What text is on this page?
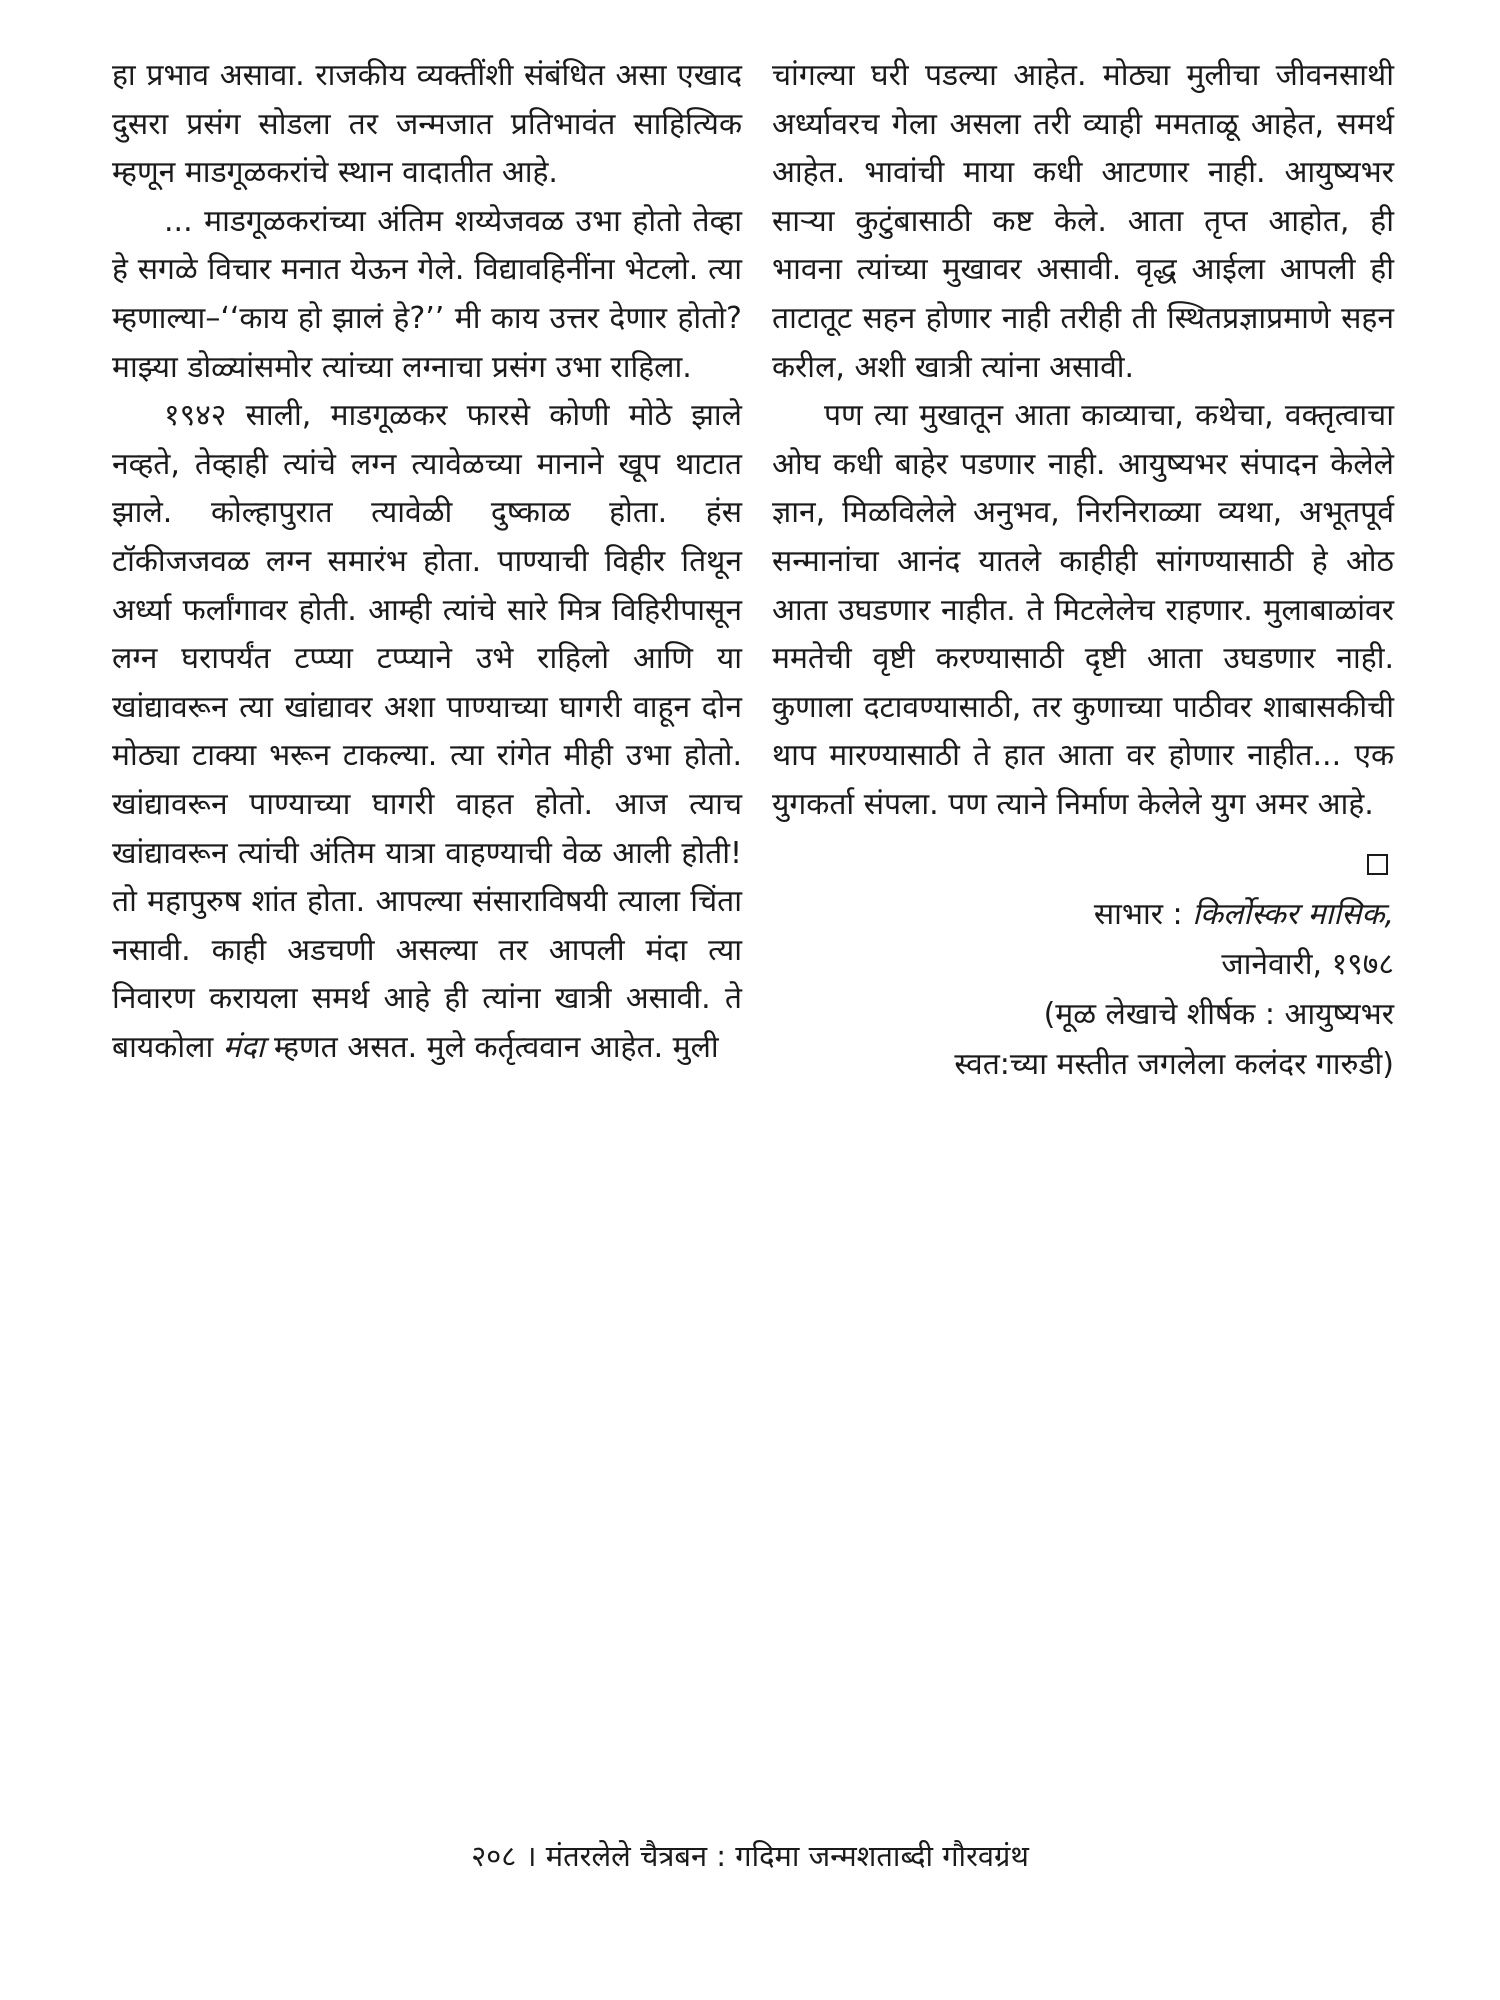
हा प्रभाव असावा. राजकीय व्यक्तींशी संबंधित असा एखाद दुसरा प्रसंग सोडला तर जन्मजात प्रतिभावंत साहित्यिक म्हणून माडगूळकरांचे स्थान वादातीत आहे.

... माडगूळकरांच्या अंतिम शय्येजवळ उभा होतो तेव्हा हे सगळे विचार मनात येऊन गेले. विद्यावहिनींना भेटलो. त्या म्हणाल्या–‘‘काय हो झालं हे?’’ मी काय उत्तर देणार होतो? माझ्या डोळ्यांसमोर त्यांच्या लग्नाचा प्रसंग उभा राहिला.

१९४२ साली, माडगूळकर फारसे कोणी मोठे झाले नव्हते, तेव्हाही त्यांचे लग्न त्यावेळच्या मानाने खूप थाटात झाले. कोल्हापुरात त्यावेळी दुष्काळ होता. हंस टॉकीजजवळ लग्न समारंभ होता. पाण्याची विहीर तिथून अर्ध्या फर्लांगावर होती. आम्ही त्यांचे सारे मित्र विहिरीपासून लग्न घरापर्यंत टप्प्या टप्प्याने उभे राहिलो आणि या खांद्यावरून त्या खांद्यावर अशा पाण्याच्या घागरी वाहून दोन मोठ्या टाक्या भरून टाकल्या. त्या रांगेत मीही उभा होतो. खांद्यावरून पाण्याच्या घागरी वाहत होतो. आज त्याच खांद्यावरून त्यांची अंतिम यात्रा वाहण्याची वेळ आली होती! तो महापुरुष शांत होता. आपल्या संसाराविषयी त्याला चिंता नसावी. काही अडचणी असल्या तर आपली मंदा त्या निवारण करायला समर्थ आहे ही त्यांना खात्री असावी. ते बायकोला मंदा म्हणत असत. मुले कर्तृत्ववान आहेत. मुली

चांगल्या घरी पडल्या आहेत. मोठ्या मुलीचा जीवनसाथी अर्ध्यावरच गेला असला तरी व्याही ममताळू आहेत, समर्थ आहेत. भावांची माया कधी आटणार नाही. आयुष्यभर साऱ्या कुटुंबासाठी कष्ट केले. आता तृप्त आहोत, ही भावना त्यांच्या मुखावर असावी. वृद्ध आईला आपली ही ताटातूट सहन होणार नाही तरीही ती स्थितप्रज्ञाप्रमाणे सहन करील, अशी खात्री त्यांना असावी.

पण त्या मुखातून आता काव्याचा, कथेचा, वक्तृत्वाचा ओघ कधी बाहेर पडणार नाही. आयुष्यभर संपादन केलेले ज्ञान, मिळविलेले अनुभव, निरनिराळ्या व्यथा, अभूतपूर्व सन्मानांचा आनंद यातले काहीही सांगण्यासाठी हे ओठ आता उघडणार नाहीत. ते मिटलेलेच राहणार. मुलाबाळांवर ममतेची वृष्टी करण्यासाठी दृष्टी आता उघडणार नाही. कुणाला दटावण्यासाठी, तर कुणाच्या पाठीवर शाबासकीची थाप मारण्यासाठी ते हात आता वर होणार नाहीत... एक युगकर्ता संपला. पण त्याने निर्माण केलेले युग अमर आहे.

साभार : किर्लोस्कर मासिक,
जानेवारी, १९७८
(मूळ लेखाचे शीर्षक : आयुष्यभर
स्वत:च्या मस्तीत जगलेला कलंदर गारुडी)
२०८ । मंतरलेले चैत्रबन : गदिमा जन्मशताब्दी गौरवग्रंथ
